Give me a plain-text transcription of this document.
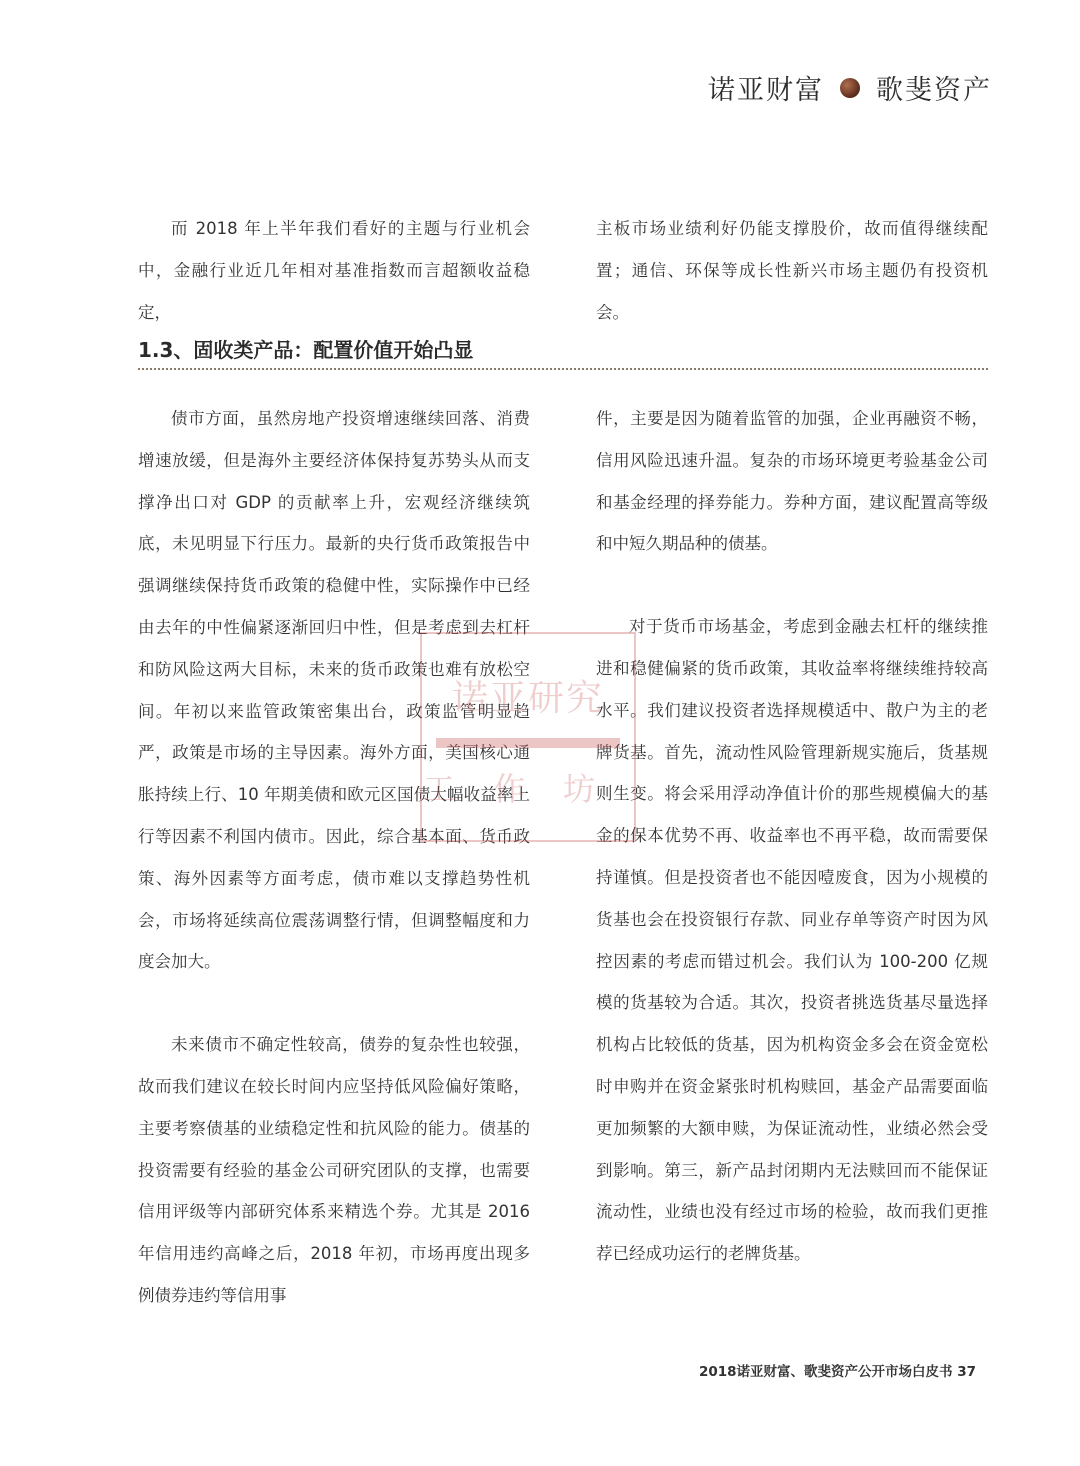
诺亚财富 歌斐资产

而 2018 年上半年我们看好的主题与行业机会中，金融行业近几年相对基准指数而言超额收益稳定，

主板市场业绩利好仍能支撑股价，故而值得继续配置；通信、环保等成长性新兴市场主题仍有投资机会。

1.3、固收类产品：配置价值开始凸显

债市方面，虽然房地产投资增速继续回落、消费增速放缓，但是海外主要经济体保持复苏势头从而支撑净出口对 GDP 的贡献率上升，宏观经济继续筑底，未见明显下行压力。最新的央行货币政策报告中强调继续保持货币政策的稳健中性，实际操作中已经由去年的中性偏紧逐渐回归中性，但是考虑到去杠杆和防风险这两大目标，未来的货币政策也难有放松空间。年初以来监管政策密集出台，政策监管明显趋严，政策是市场的主导因素。海外方面，美国核心通胀持续上行、10 年期美债和欧元区国债大幅收益率上行等因素不利国内债市。因此，综合基本面、货币政策、海外因素等方面考虑，债市难以支撑趋势性机会，市场将延续高位震荡调整行情，但调整幅度和力度会加大。

未来债市不确定性较高，债券的复杂性也较强，故而我们建议在较长时间内应坚持低风险偏好策略，主要考察债基的业绩稳定性和抗风险的能力。债基的投资需要有经验的基金公司研究团队的支撑，也需要信用评级等内部研究体系来精选个券。尤其是 2016 年信用违约高峰之后，2018 年初，市场再度出现多例债券违约等信用事

件，主要是因为随着监管的加强，企业再融资不畅，信用风险迅速升温。复杂的市场环境更考验基金公司和基金经理的择券能力。券种方面，建议配置高等级和中短久期品种的债基。

对于货币市场基金，考虑到金融去杠杆的继续推进和稳健偏紧的货币政策，其收益率将继续维持较高水平。我们建议投资者选择规模适中、散户为主的老牌货基。首先，流动性风险管理新规实施后，货基规则生变。将会采用浮动净值计价的那些规模偏大的基金的保本优势不再、收益率也不再平稳，故而需要保持谨慎。但是投资者也不能因噎废食，因为小规模的货基也会在投资银行存款、同业存单等资产时因为风控因素的考虑而错过机会。我们认为 100-200 亿规模的货基较为合适。其次，投资者挑选货基尽量选择机构占比较低的货基，因为机构资金多会在资金宽松时申购并在资金紧张时机构赎回，基金产品需要面临更加频繁的大额申赎，为保证流动性，业绩必然会受到影响。第三，新产品封闭期内无法赎回而不能保证流动性，业绩也没有经过市场的检验，故而我们更推荐已经成功运行的老牌货基。

诺亚研究
工作坊
2018诺亚财富、歌斐资产公开市场白皮书 37
